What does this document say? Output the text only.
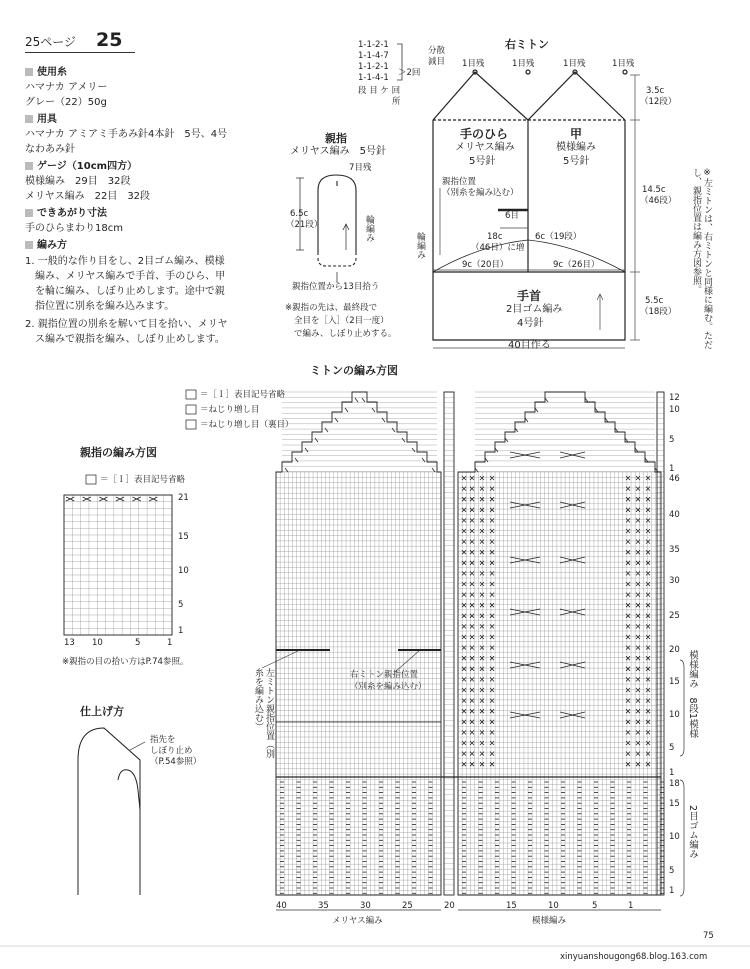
25ページ 25
使用糸
ハマナカ アメリー
グレー（22）50g
用具
ハマナカ アミアミ手あみ針4本針　5号、4号
なわあみ針
ゲージ（10cm四方）
模様編み　29目　32段
メリヤス編み　22目　32段
できあがり寸法
手のひらまわり18cm
編み方
1. 一般的な作り目をし、2目ゴム編み、模様
　編み、メリヤス編みで手首、手のひら、甲
　を輪に編み、しぼり止めします。途中で親
　指位置に別糸を編み込みます。
2. 親指位置の別糸を解いて目を拾い、メリヤ
　ス編みで親指を編み、しぼり止めします。
1-1-2-1
1-1-4-7
1-1-2-1
1-1-4-1
分散
減目
＞2回
段 目 ケ 回
　　　　所
右ミトン
1目残	1目残	1目残	1目残
手のひら
メリヤス編み
5号針
甲
模様編み
5号針
親指位置
（別糸を編み込む）
6目
輪編み	18c
（46目）に増
6c（19段）
9c（20目）	9c（26目）
手首
2目ゴム編み
4号針
40目作る
3.5c
（12段）
14.5c
（46段）
5.5c
（18段）	※左ミトンは、右ミトンと同様に編む。ただし、親指位置は編み方図参照。
親指
メリヤス編み　5号針
7目残
6.5c
（21段）	輪編み
親指位置から13目拾う
※親指の先は、最終段で
全目を［入］（2目一度）
で編み、しぼり止めする。
ミトンの編み方図
＝［Ｉ］表目記号省略
＝ねじり増し目
＝ねじり増し目（裏目）
親指の編み方図
＝［Ｉ］表目記号省略
※親指の目の拾い方はP.74参照。
仕上げ方
指先を
しぼり止め
（P.54参照）
左ミトン親指位置（別糸を編み込む）	右ミトン親指位置
（別糸を編み込む）	模様編み　8段1模様
2目ゴム編み
メリヤス編み	模様編み
40	35	30	25	20	15	10	5	1
12
10
5
1
46
40
35
30
25
20
15
10
5
1
18
15
10
5
1
21
15
10
5
1
13 10	5	1
75
xinyuanshougong68.blog.163.com
